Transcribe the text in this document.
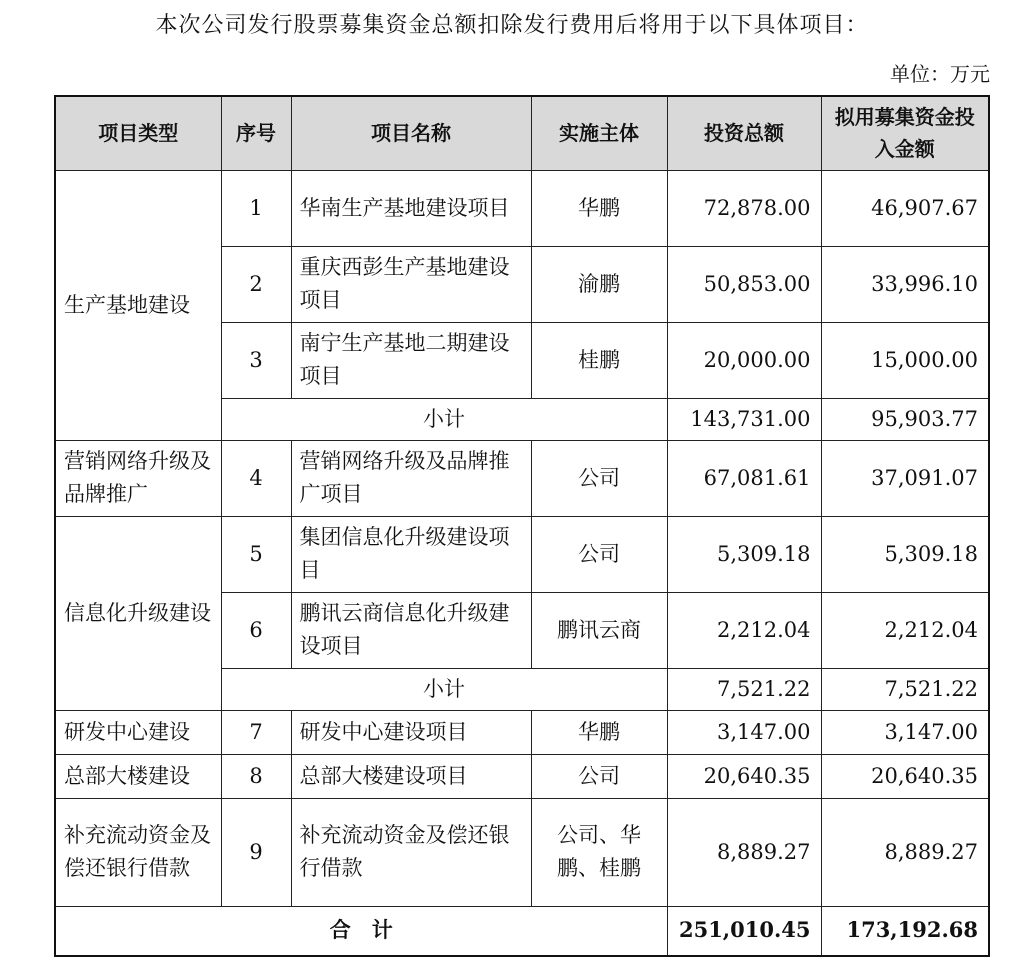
本次公司发行股票募集资金总额扣除发行费用后将用于以下具体项目：
单位：万元
项目类型	序号	项目名称	实施主体	投资总额	拟用募集资金投入金额
生产基地建设	1	华南生产基地建设项目	华鹏	72,878.00	46,907.67
	2	重庆西彭生产基地建设项目	渝鹏	50,853.00	33,996.10
	3	南宁生产基地二期建设项目	桂鹏	20,000.00	15,000.00
	小计			143,731.00	95,903.77
营销网络升级及品牌推广	4	营销网络升级及品牌推广项目	公司	67,081.61	37,091.07
信息化升级建设	5	集团信息化升级建设项目	公司	5,309.18	5,309.18
	6	鹏讯云商信息化升级建设项目	鹏讯云商	2,212.04	2,212.04
	小计			7,521.22	7,521.22
研发中心建设	7	研发中心建设项目	华鹏	3,147.00	3,147.00
总部大楼建设	8	总部大楼建设项目	公司	20,640.35	20,640.35
补充流动资金及偿还银行借款	9	补充流动资金及偿还银行借款	公司、华鹏、桂鹏	8,889.27	8,889.27
合　计				251,010.45	173,192.68
